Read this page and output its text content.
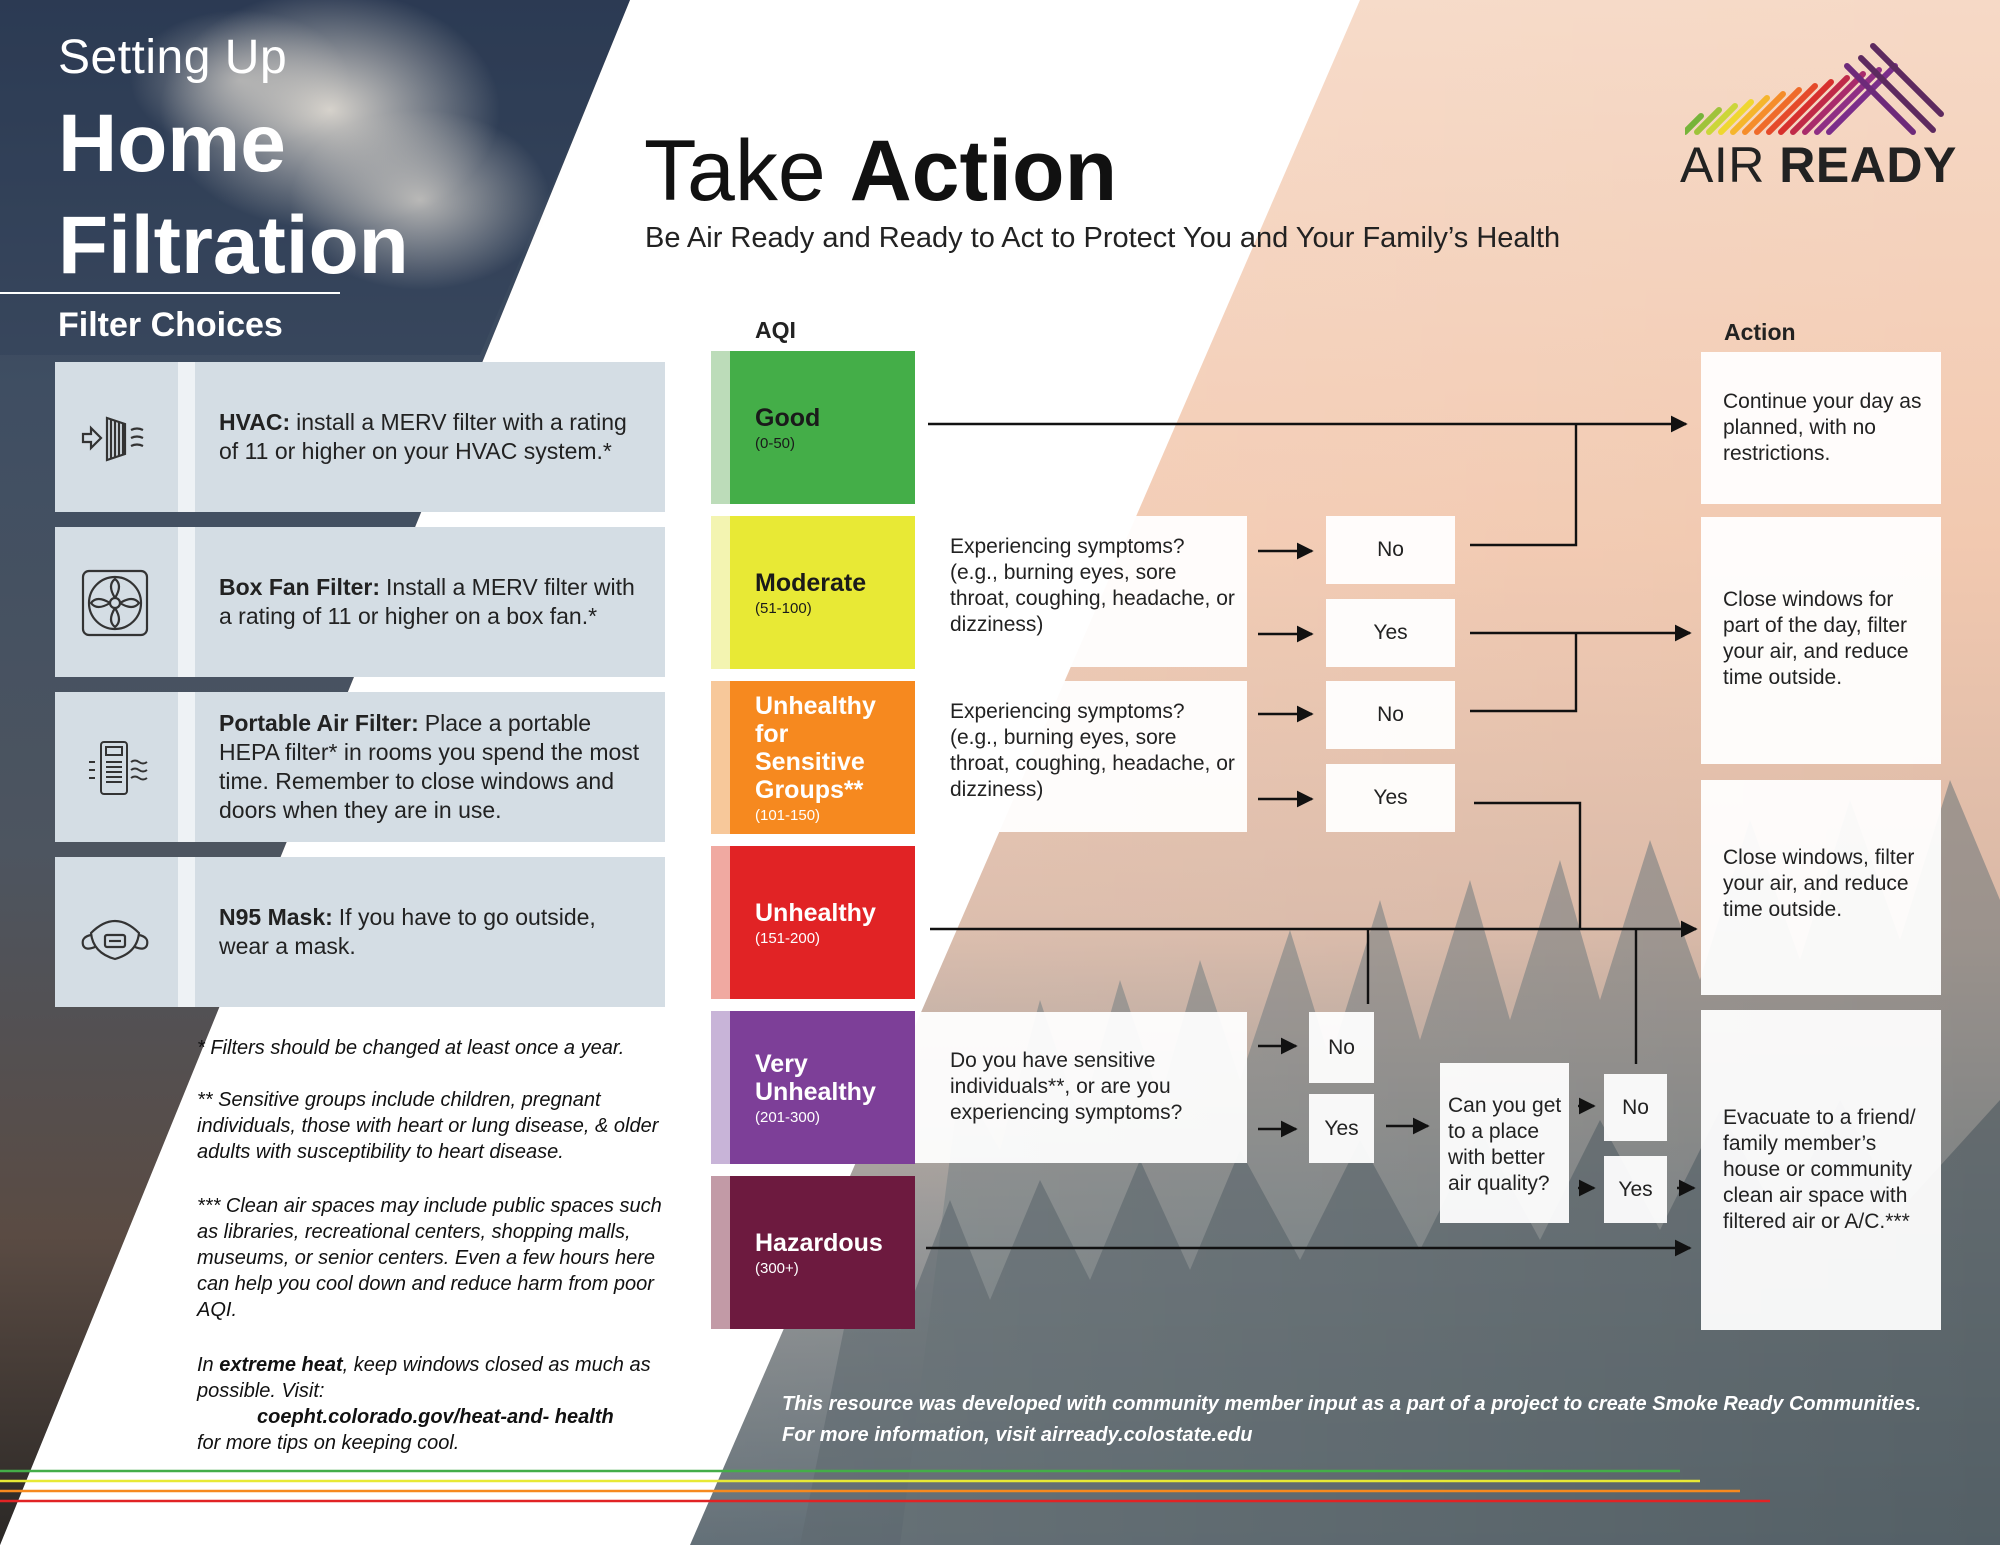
Setting Up
Home
Filtration
Filter Choices
HVAC: install a MERV filter with a rating of 11 or higher on your HVAC system.*
Box Fan Filter: Install a MERV filter with a rating of 11 or higher on a box fan.*
Portable Air Filter: Place a portable HEPA filter* in rooms you spend the most time. Remember to close windows and doors when they are in use.
N95 Mask: If you have to go outside, wear a mask.
* Filters should be changed at least once a year.
** Sensitive groups include children, pregnant individuals, those with heart or lung disease, & older adults with susceptibility to heart disease.
*** Clean air spaces may include public spaces such as libraries, recreational centers, shopping malls, museums, or senior centers. Even a few hours here can help you cool down and reduce harm from poor AQI.
In extreme heat, keep windows closed as much as possible. Visit:
coepht.colorado.gov/heat-and- health
for more tips on keeping cool.
Take Action
Be Air Ready and Ready to Act to Protect You and Your Family’s Health
AIR READY
AQI	Action
Good
(0-50)
Moderate
(51-100)
Unhealthy for Sensitive Groups**
(101-150)
Unhealthy
(151-200)
Very Unhealthy
(201-300)
Hazardous
(300+)
Experiencing symptoms? (e.g., burning eyes, sore throat, coughing, headache, or dizziness)
Experiencing symptoms? (e.g., burning eyes, sore throat, coughing, headache, or dizziness)
Do you have sensitive individuals**, or are you experiencing symptoms?	Can you get to a place with better air quality?
No
Yes
No
Yes
No
Yes
No
Yes
Continue your day as planned, with no restrictions.
Close windows for part of the day, filter your air, and reduce time outside.
Close windows, filter your air, and reduce time outside.
Evacuate to a friend/ family member’s house or community clean air space with filtered air or A/C.***
This resource was developed with community member input as a part of a project to create Smoke Ready Communities.
For more information, visit airready.colostate.edu
